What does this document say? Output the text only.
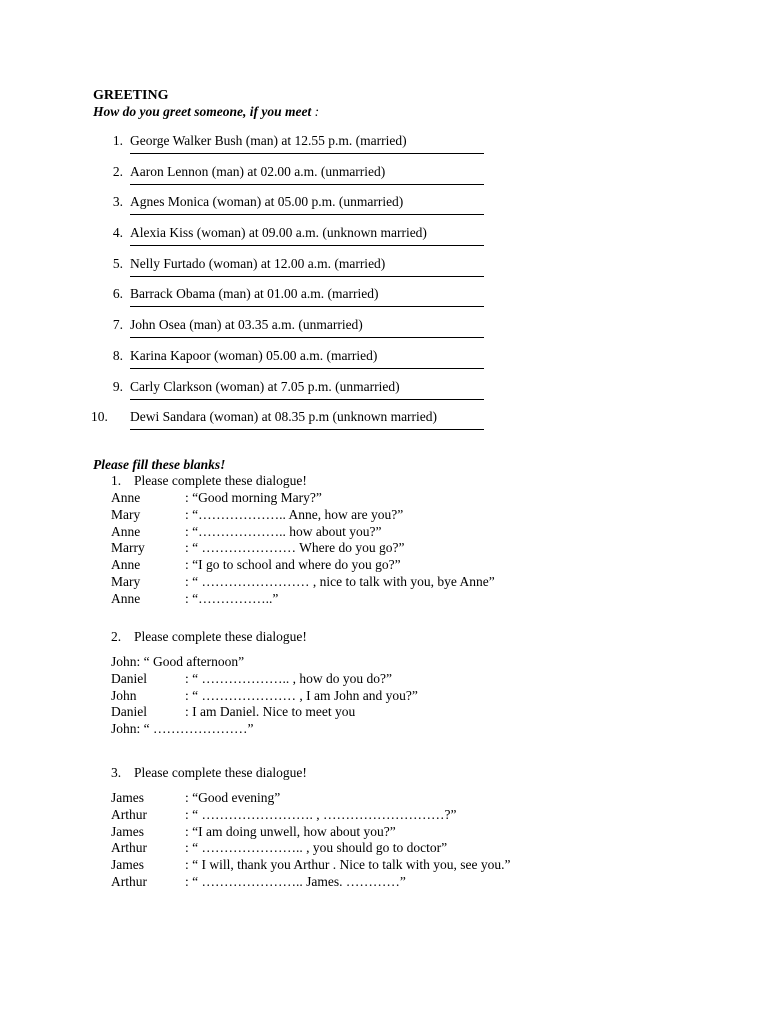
GREETING
How do you greet someone, if you meet :
1. George Walker Bush (man) at 12.55 p.m. (married)
2. Aaron Lennon (man) at 02.00 a.m. (unmarried)
3. Agnes Monica (woman) at 05.00 p.m. (unmarried)
4. Alexia Kiss (woman) at 09.00 a.m. (unknown married)
5. Nelly Furtado (woman) at 12.00 a.m. (married)
6. Barrack Obama (man) at 01.00 a.m. (married)
7. John Osea (man) at 03.35 a.m. (unmarried)
8. Karina Kapoor (woman) 05.00 a.m. (married)
9. Carly Clarkson (woman) at 7.05 p.m. (unmarried)
10.	Dewi Sandara (woman) at 08.35 p.m (unknown married)
Please fill these blanks!
1. Please complete these dialogue!
Anne	: “Good morning Mary?”
Mary	: “……………….. Anne, how are you?”
Anne	: “……………….. how about you?”
Marry	: “ ………………… Where do you go?”
Anne	: “I go to school and where do you go?”
Mary	: “ …………………… , nice to talk with you, bye Anne”
Anne	: “……………..”
2. Please complete these dialogue!
John: “ Good afternoon”
Daniel	: “ ……………….. , how do you do?”
John	: “ ………………… , I am John and you?”
Daniel	: I am Daniel. Nice to meet you
John: “ …………………”
3. Please complete these dialogue!
James	: “Good evening”
Arthur	: “ ……………………. , ………………………?”
James	: “I am doing unwell, how about you?”
Arthur	: “ ………………….. , you should go to doctor”
James	: “ I will, thank you Arthur . Nice to talk with you, see you.”
Arthur	: “ ………………….. James. …………”
